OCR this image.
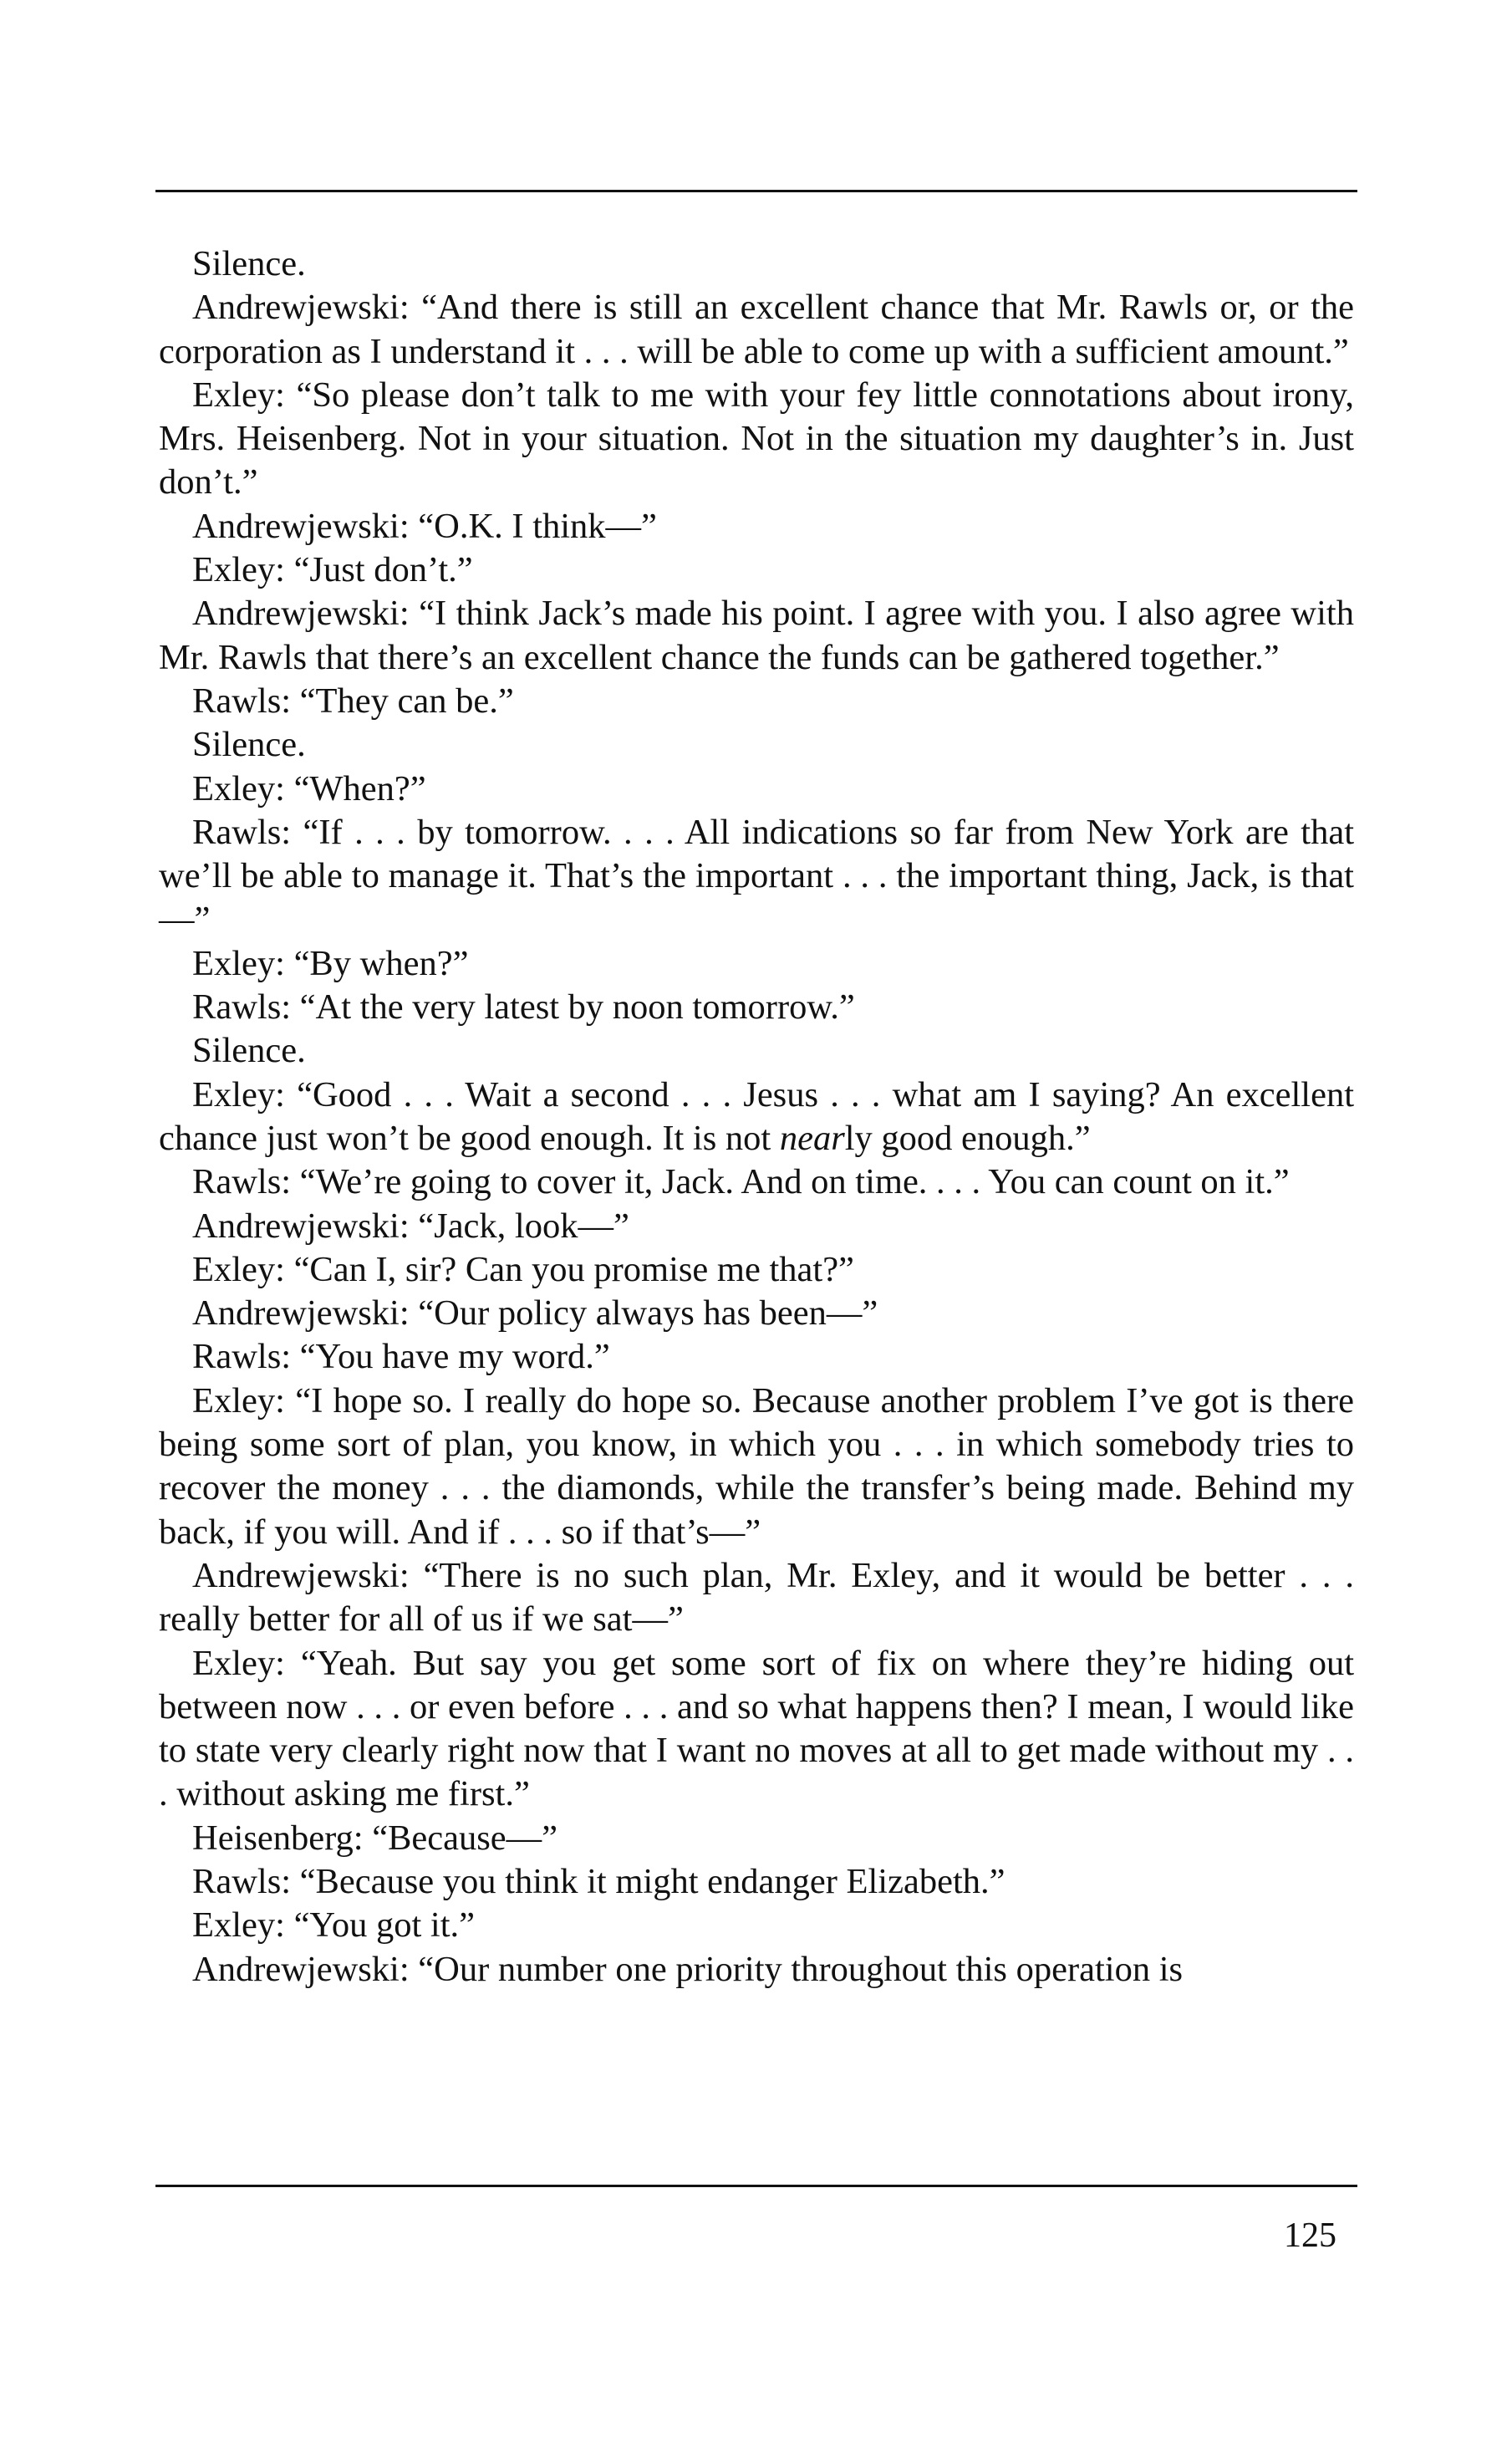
Silence.

Andrewjewski: “And there is still an excellent chance that Mr. Rawls or, or the corporation as I understand it . . . will be able to come up with a sufficient amount.”

Exley: “So please don’t talk to me with your fey little connotations about irony, Mrs. Heisenberg. Not in your situation. Not in the situation my daughter’s in. Just don’t.”

Andrewjewski: “O.K. I think—”

Exley: “Just don’t.”

Andrewjewski: “I think Jack’s made his point. I agree with you. I also agree with Mr. Rawls that there’s an excellent chance the funds can be gathered together.”

Rawls: “They can be.”

Silence.

Exley: “When?”

Rawls: “If . . . by tomorrow. . . . All indications so far from New York are that we’ll be able to manage it. That’s the important . . . the important thing, Jack, is that—”

Exley: “By when?”

Rawls: “At the very latest by noon tomorrow.”

Silence.

Exley: “Good . . . Wait a second . . . Jesus . . . what am I saying? An excellent chance just won’t be good enough. It is not nearly good enough.”

Rawls: “We’re going to cover it, Jack. And on time. . . . You can count on it.”

Andrewjewski: “Jack, look—”

Exley: “Can I, sir? Can you promise me that?”

Andrewjewski: “Our policy always has been—”

Rawls: “You have my word.”

Exley: “I hope so. I really do hope so. Because another problem I’ve got is there being some sort of plan, you know, in which you . . . in which somebody tries to recover the money . . . the diamonds, while the transfer’s being made. Behind my back, if you will. And if . . . so if that’s—”

Andrewjewski: “There is no such plan, Mr. Exley, and it would be better . . . really better for all of us if we sat—”

Exley: “Yeah. But say you get some sort of fix on where they’re hiding out between now . . . or even before . . . and so what happens then? I mean, I would like to state very clearly right now that I want no moves at all to get made without my . . . without asking me first.”

Heisenberg: “Because—”

Rawls: “Because you think it might endanger Elizabeth.”

Exley: “You got it.”

Andrewjewski: “Our number one priority throughout this operation is

125
